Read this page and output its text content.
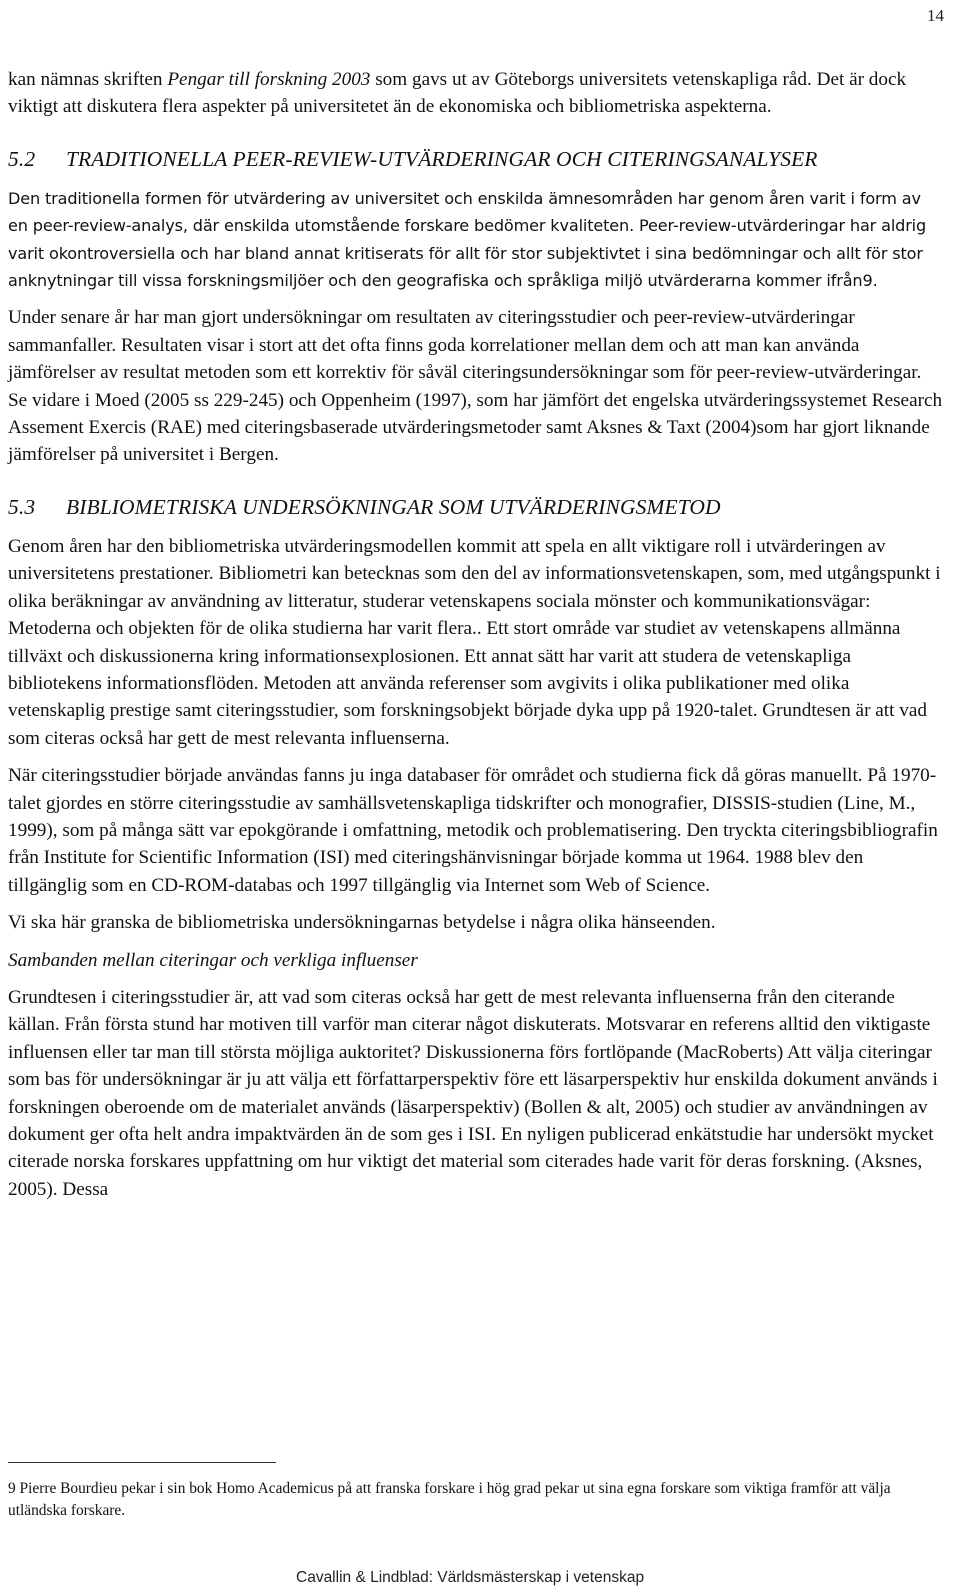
14

kan nämnas skriften Pengar till forskning 2003 som gavs ut av Göteborgs universitets vetenskapliga råd. Det är dock viktigt att diskutera flera aspekter på universitetet än de ekonomiska och bibliometriska aspekterna.

5.2 TRADITIONELLA PEER-REVIEW-UTVÄRDERINGAR OCH CITERINGSANALYSER

Den traditionella formen för utvärdering av universitet och enskilda ämnesområden har genom åren varit i form av en peer-review-analys, där enskilda utomstående forskare bedömer kvaliteten. Peer-review-utvärderingar har aldrig varit okontroversiella och har bland annat kritiserats för allt för stor subjektivtet i sina bedömningar och allt för stor anknytningar till vissa forskningsmiljöer och den geografiska och språkliga miljö utvärderarna kommer ifrån9.

Under senare år har man gjort undersökningar om resultaten av citeringsstudier och peer-review-utvärderingar sammanfaller. Resultaten visar i stort att det ofta finns goda korrelationer mellan dem och att man kan använda jämförelser av resultat metoden som ett korrektiv för såväl citeringsundersökningar som för peer-review-utvärderingar. Se vidare i Moed (2005 ss 229-245) och Oppenheim (1997), som har jämfört det engelska utvärderingssystemet Research Assement Exercis (RAE) med citeringsbaserade utvärderingsmetoder samt Aksnes & Taxt (2004)som har gjort liknande jämförelser på universitet i Bergen.

5.3 BIBLIOMETRISKA UNDERSÖKNINGAR SOM UTVÄRDERINGSMETOD

Genom åren har den bibliometriska utvärderingsmodellen kommit att spela en allt viktigare roll i utvärderingen av universitetens prestationer. Bibliometri kan betecknas som den del av informationsvetenskapen, som, med utgångspunkt i olika beräkningar av användning av litteratur, studerar vetenskapens sociala mönster och kommunikationsvägar: Metoderna och objekten för de olika studierna har varit flera.. Ett stort område var studiet av vetenskapens allmänna tillväxt och diskussionerna kring informationsexplosionen. Ett annat sätt har varit att studera de vetenskapliga bibliotekens informationsflöden. Metoden att använda referenser som avgivits i olika publikationer med olika vetenskaplig prestige samt citeringsstudier, som forskningsobjekt började dyka upp på 1920-talet. Grundtesen är att vad som citeras också har gett de mest relevanta influenserna.

När citeringsstudier började användas fanns ju inga databaser för området och studierna fick då göras manuellt. På 1970-talet gjordes en större citeringsstudie av samhällsvetenskapliga tidskrifter och monografier, DISSIS-studien (Line, M., 1999), som på många sätt var epokgörande i omfattning, metodik och problematisering. Den tryckta citeringsbibliografin från Institute for Scientific Information (ISI) med citeringshänvisningar började komma ut 1964. 1988 blev den tillgänglig som en CD-ROM-databas och 1997 tillgänglig via Internet som Web of Science.

Vi ska här granska de bibliometriska undersökningarnas betydelse i några olika hänseenden.

Sambanden mellan citeringar och verkliga influenser

Grundtesen i citeringsstudier är, att vad som citeras också har gett de mest relevanta influenserna från den citerande källan. Från första stund har motiven till varför man citerar något diskuterats. Motsvarar en referens alltid den viktigaste influensen eller tar man till största möjliga auktoritet? Diskussionerna förs fortlöpande (MacRoberts) Att välja citeringar som bas för undersökningar är ju att välja ett författarperspektiv före ett läsarperspektiv hur enskilda dokument används i forskningen oberoende om de materialet används (läsarperspektiv) (Bollen & alt, 2005) och studier av användningen av dokument ger ofta helt andra impaktvärden än de som ges i ISI. En nyligen publicerad enkätstudie har undersökt mycket citerade norska forskares uppfattning om hur viktigt det material som citerades hade varit för deras forskning. (Aksnes, 2005). Dessa

9 Pierre Bourdieu pekar i sin bok Homo Academicus på att franska forskare i hög grad pekar ut sina egna forskare som viktiga framför att välja utländska forskare.
Cavallin & Lindblad: Världsmästerskap i vetenskap
